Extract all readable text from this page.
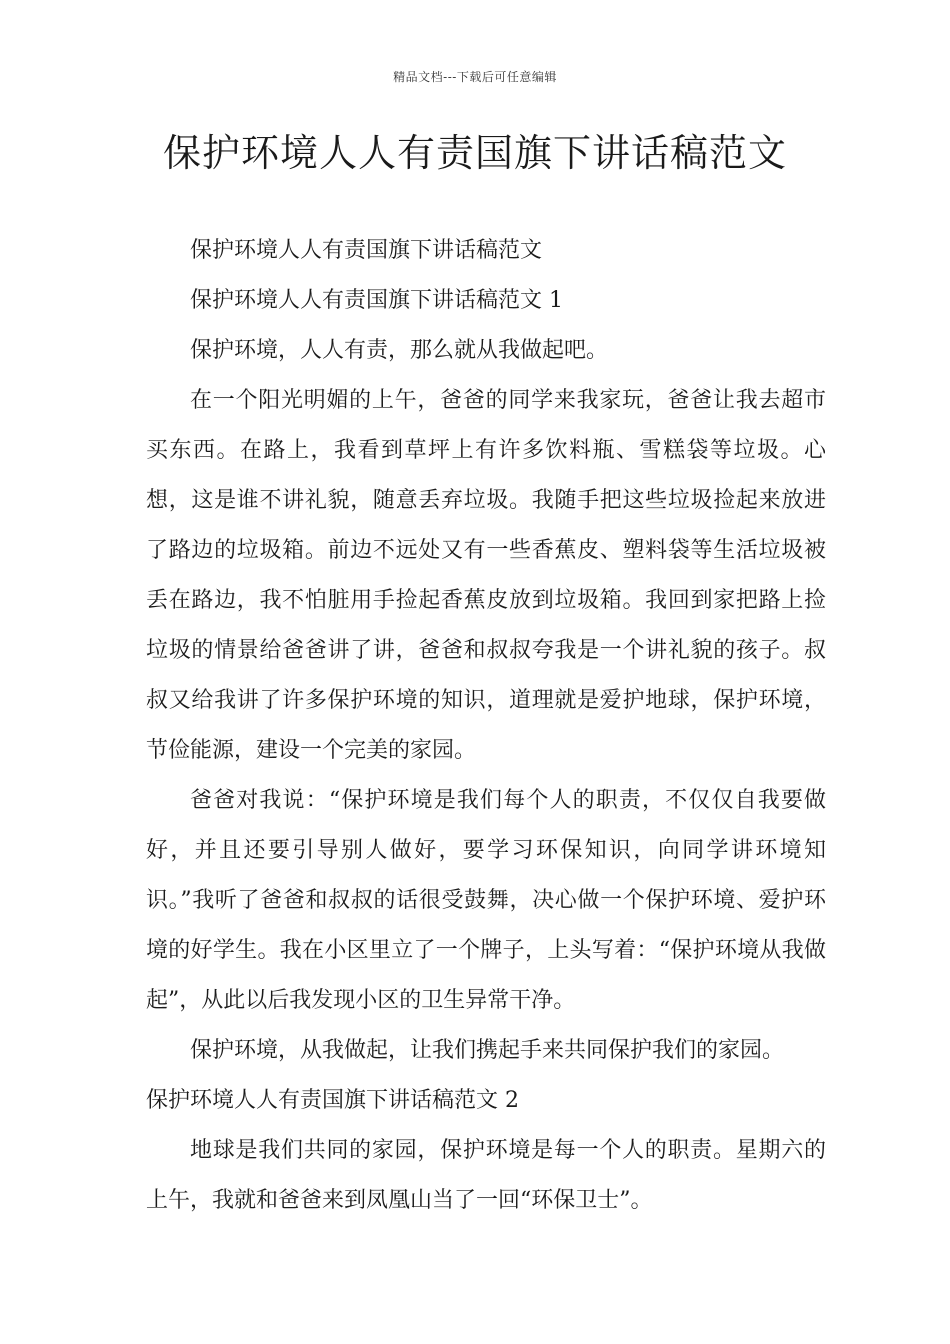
精品文档---下载后可任意编辑
保护环境人人有责国旗下讲话稿范文

保护环境人人有责国旗下讲话稿范文

保护环境人人有责国旗下讲话稿范文 1

保护环境，人人有责，那么就从我做起吧。

在一个阳光明媚的上午，爸爸的同学来我家玩，爸爸让我去超市买东西。在路上，我看到草坪上有许多饮料瓶、雪糕袋等垃圾。心想，这是谁不讲礼貌，随意丢弃垃圾。我随手把这些垃圾捡起来放进了路边的垃圾箱。前边不远处又有一些香蕉皮、塑料袋等生活垃圾被丢在路边，我不怕脏用手捡起香蕉皮放到垃圾箱。我回到家把路上捡垃圾的情景给爸爸讲了讲，爸爸和叔叔夸我是一个讲礼貌的孩子。叔叔又给我讲了许多保护环境的知识，道理就是爱护地球，保护环境，节俭能源，建设一个完美的家园。

爸爸对我说：“保护环境是我们每个人的职责，不仅仅自我要做好，并且还要引导别人做好，要学习环保知识，向同学讲环境知识。”我听了爸爸和叔叔的话很受鼓舞，决心做一个保护环境、爱护环境的好学生。我在小区里立了一个牌子，上头写着：“保护环境从我做起”，从此以后我发现小区的卫生异常干净。

保护环境，从我做起，让我们携起手来共同保护我们的家园。

保护环境人人有责国旗下讲话稿范文 2

地球是我们共同的家园，保护环境是每一个人的职责。星期六的上午，我就和爸爸来到凤凰山当了一回“环保卫士”。
